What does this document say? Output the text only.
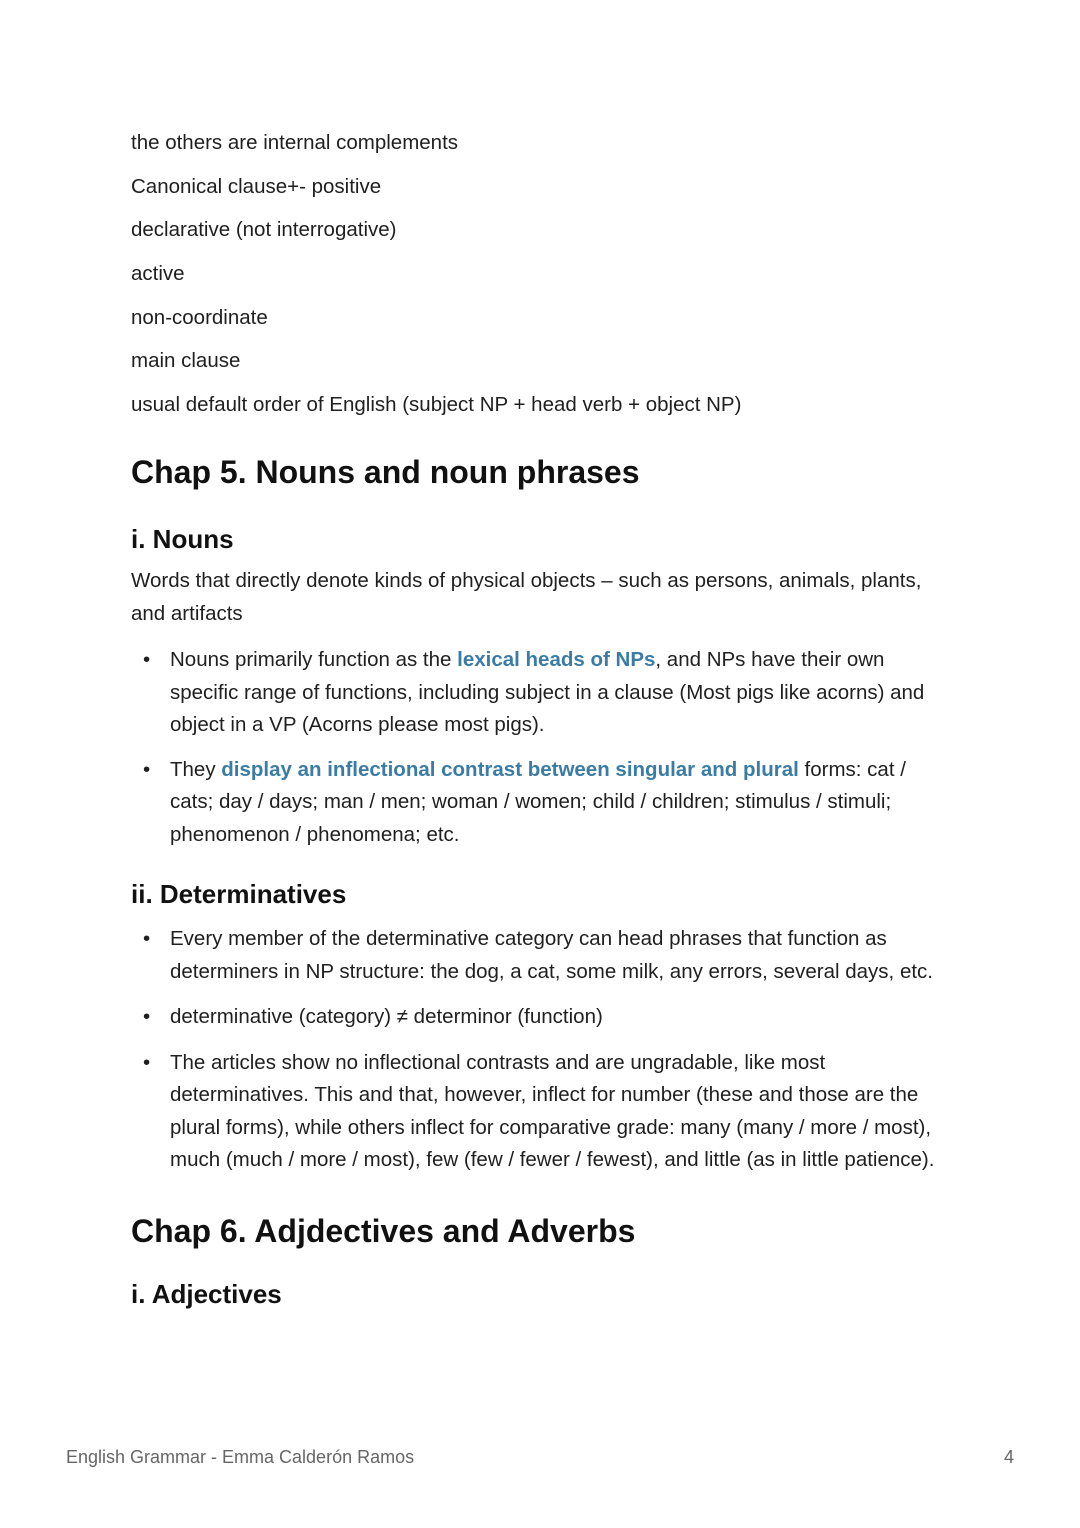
the others are internal complements
Canonical clause+- positive
declarative (not interrogative)
active
non-coordinate
main clause
usual default order of English (subject NP + head verb + object NP)
Chap 5. Nouns and noun phrases
i. Nouns

Words that directly denote kinds of physical objects – such as persons, animals, plants, and artifacts

• Nouns primarily function as the lexical heads of NPs, and NPs have their own specific range of functions, including subject in a clause (Most pigs like acorns) and object in a VP (Acorns please most pigs).
• They display an inflectional contrast between singular and plural forms: cat / cats; day / days; man / men; woman / women; child / children; stimulus / stimuli; phenomenon / phenomena; etc.
ii. Determinatives
• Every member of the determinative category can head phrases that function as determiners in NP structure: the dog, a cat, some milk, any errors, several days, etc.
• determinative (category) ≠ determinor (function)
• The articles show no inflectional contrasts and are ungradable, like most determinatives. This and that, however, inflect for number (these and those are the plural forms), while others inflect for comparative grade: many (many / more / most), much (much / more / most), few (few / fewer / fewest), and little (as in little patience).
Chap 6. Adjdectives and Adverbs
i. Adjectives
English Grammar - Emma Calderón Ramos	4
